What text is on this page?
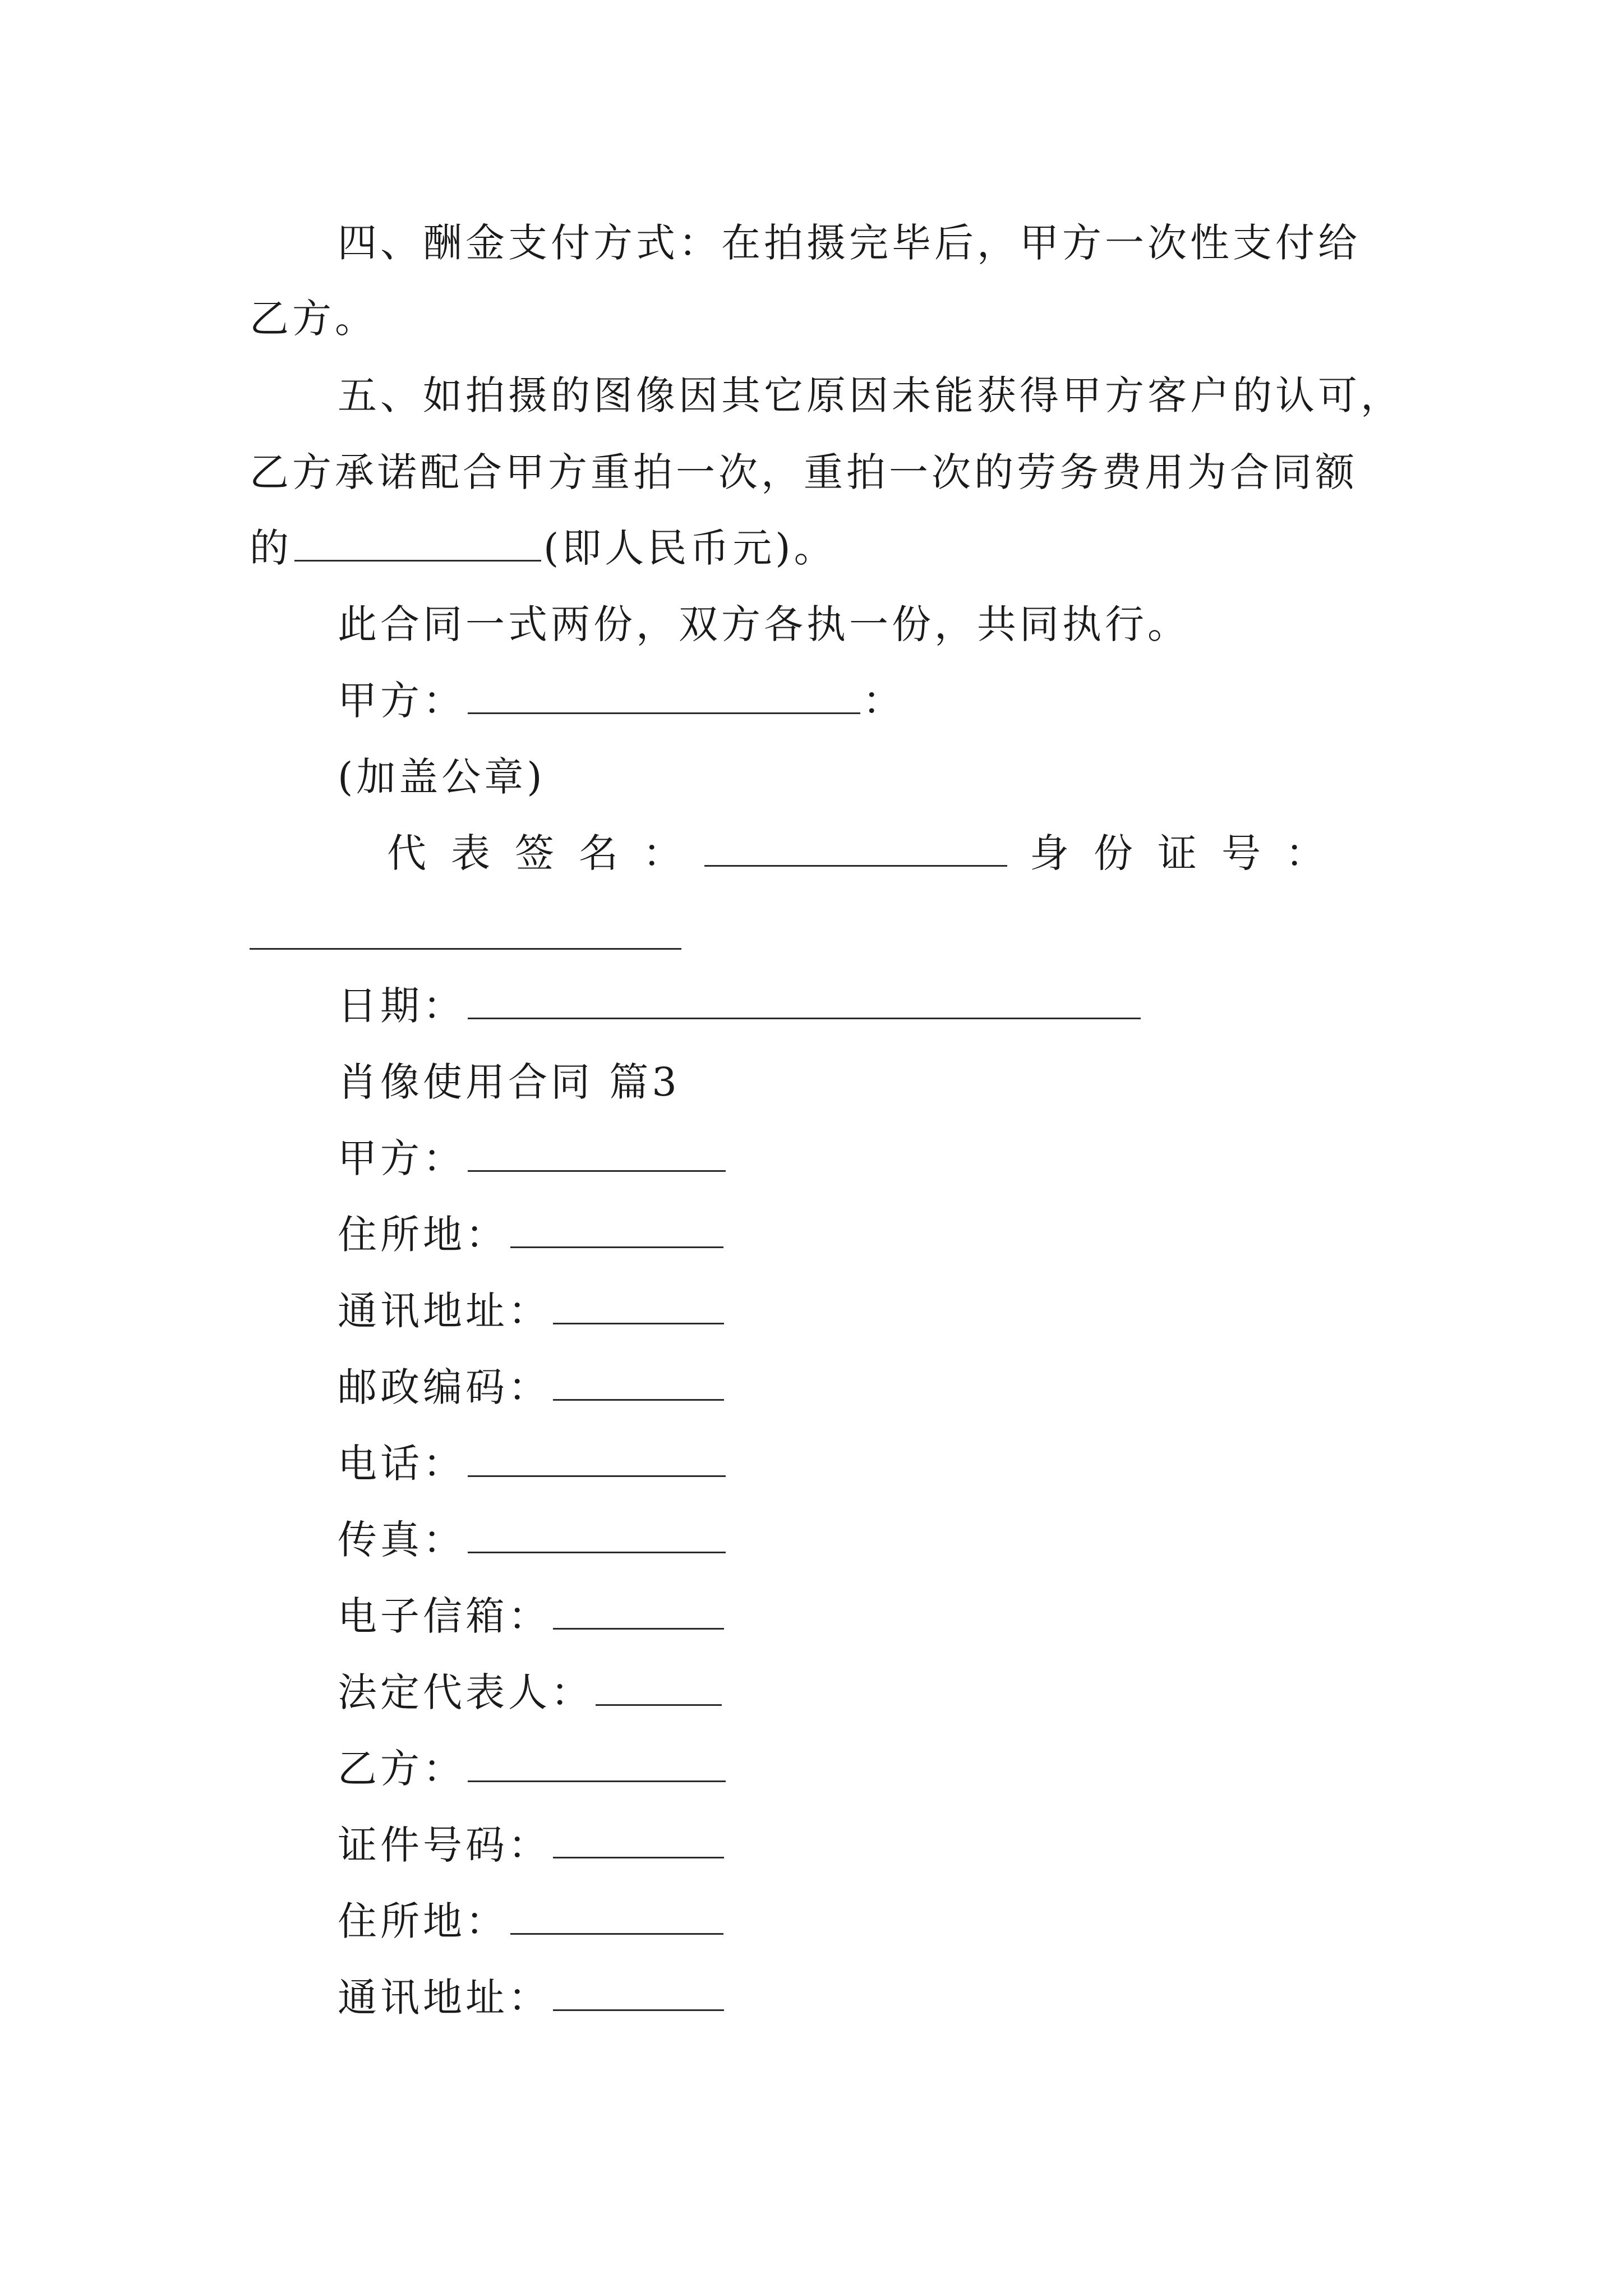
四、酬金支付方式：在拍摄完毕后，甲方一次性支付给
乙方。
五、如拍摄的图像因其它原因未能获得甲方客户的认可，
乙方承诺配合甲方重拍一次，重拍一次的劳务费用为合同额
的	(即人民币元)。
此合同一式两份，双方各执一份，共同执行。
甲方：	：
(加盖公章)
代 表 签 名 ：	身 份 证 号 ：
日期：
肖像使用合同 篇3
甲方：
住所地：
通讯地址：
邮政编码：
电话：
传真：
电子信箱：
法定代表人：
乙方：
证件号码：
住所地：
通讯地址：
